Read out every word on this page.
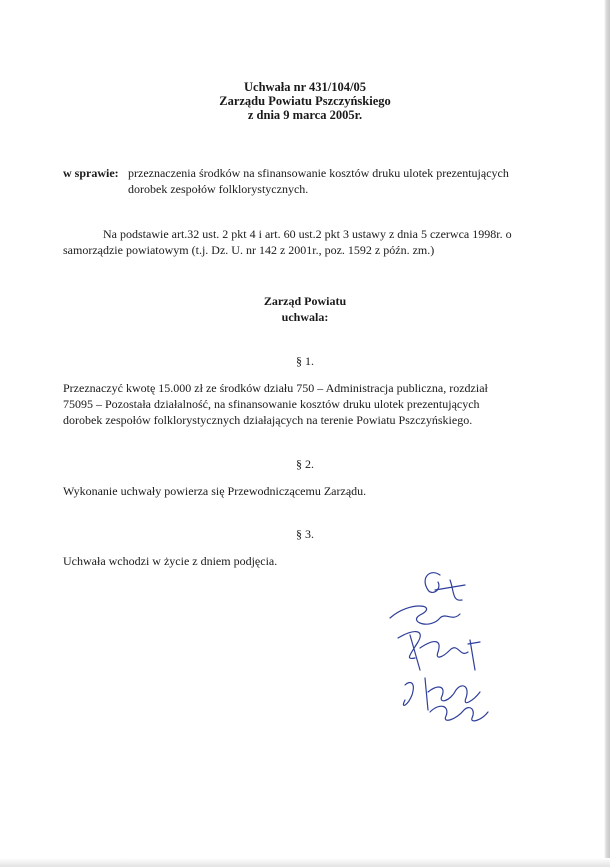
Uchwała nr 431/104/05
Zarządu Powiatu Pszczyńskiego
z dnia 9 marca 2005r.
w sprawie: przeznaczenia środków na sfinansowanie kosztów druku ulotek prezentujących
dorobek zespołów folklorystycznych.
Na podstawie art.32 ust. 2 pkt 4 i art. 60 ust.2 pkt 3 ustawy z dnia 5 czerwca 1998r. o
samorządzie powiatowym (t.j. Dz. U. nr 142 z 2001r., poz. 1592 z późn. zm.)
Zarząd Powiatu
uchwala:
§ 1.
Przeznaczyć kwotę 15.000 zł ze środków działu 750 – Administracja publiczna, rozdział
75095 – Pozostała działalność, na sfinansowanie kosztów druku ulotek prezentujących
dorobek zespołów folklorystycznych działających na terenie Powiatu Pszczyńskiego.
§ 2.
Wykonanie uchwały powierza się Przewodniczącemu Zarządu.
§ 3.
Uchwała wchodzi w życie z dniem podjęcia.
